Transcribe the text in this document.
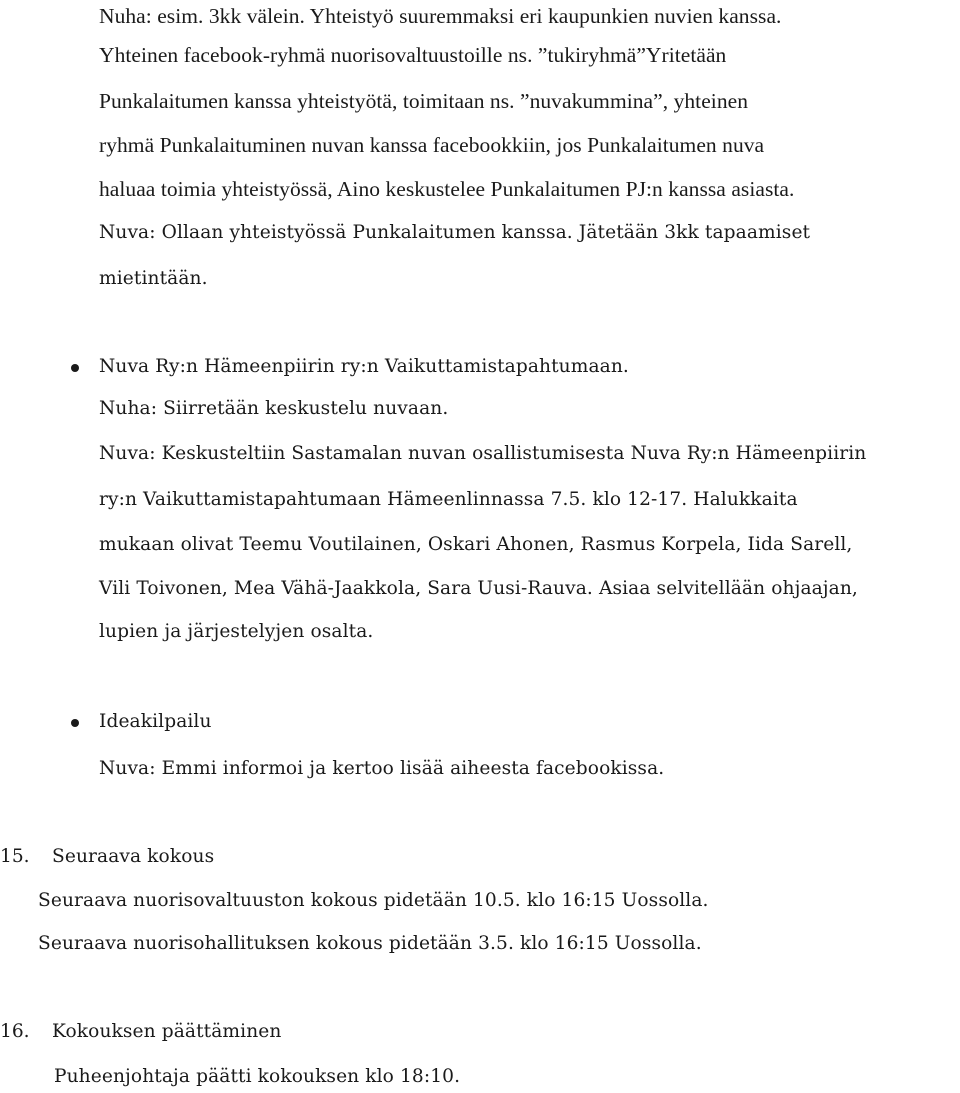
Nuha: esim. 3kk välein. Yhteistyö suuremmaksi eri kaupunkien nuvien kanssa.
Yhteinen facebook-ryhmä nuorisovaltuustoille ns. ”tukiryhmä”Yritetään
Punkalaitumen kanssa yhteistyötä, toimitaan ns. ”nuvakummina”, yhteinen
ryhmä Punkalaituminen nuvan kanssa facebookkiin, jos Punkalaitumen nuva
haluaa toimia yhteistyössä, Aino keskustelee Punkalaitumen PJ:n kanssa asiasta.
Nuva: Ollaan yhteistyössä Punkalaitumen kanssa. Jätetään 3kk tapaamiset
mietintään.
Nuva Ry:n Hämeenpiirin ry:n Vaikuttamistapahtumaan.
Nuha: Siirretään keskustelu nuvaan.
Nuva: Keskusteltiin Sastamalan nuvan osallistumisesta Nuva Ry:n Hämeenpiirin
ry:n Vaikuttamistapahtumaan Hämeenlinnassa 7.5. klo 12-17. Halukkaita
mukaan olivat Teemu Voutilainen, Oskari Ahonen, Rasmus Korpela, Iida Sarell,
Vili Toivonen, Mea Vähä-Jaakkola, Sara Uusi-Rauva. Asiaa selvitellään ohjaajan,
lupien ja järjestelyjen osalta.
Ideakilpailu
Nuva: Emmi informoi ja kertoo lisää aiheesta facebookissa.
15. Seuraava kokous
Seuraava nuorisovaltuuston kokous pidetään 10.5. klo 16:15 Uossolla.
Seuraava nuorisohallituksen kokous pidetään 3.5. klo 16:15 Uossolla.
16. Kokouksen päättäminen
Puheenjohtaja päätti kokouksen klo 18:10.
